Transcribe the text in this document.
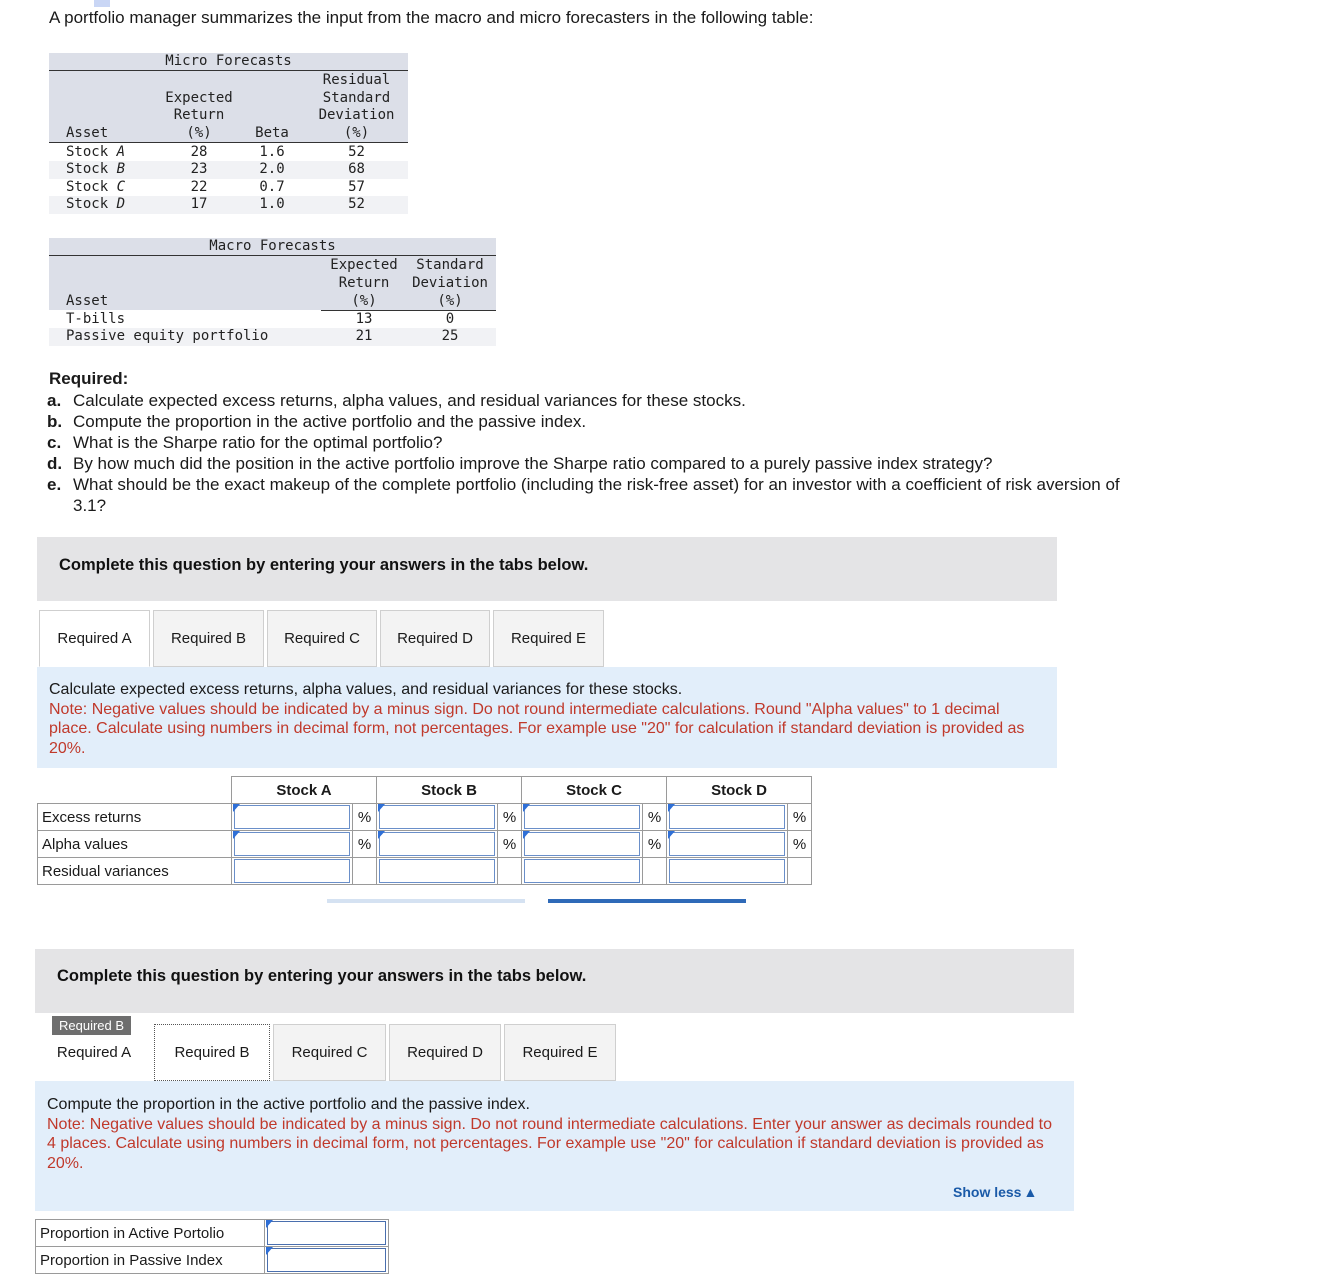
A portfolio manager summarizes the input from the macro and micro forecasters in the following table:
Micro Forecasts
Expected
Return
(%)	Beta
Residual
Standard
Deviation
(%)
Asset
Stock A	28	1.6	52
Stock B	23	2.0	68
Stock C	22	0.7	57
Stock D	17	1.0	52
Macro Forecasts
Expected
Return
(%)
Standard
Deviation
(%)
Asset
T-bills	13	0
Passive equity portfolio	21	25
Required:
a. Calculate expected excess returns, alpha values, and residual variances for these stocks.
b. Compute the proportion in the active portfolio and the passive index.
c. What is the Sharpe ratio for the optimal portfolio?
d. By how much did the position in the active portfolio improve the Sharpe ratio compared to a purely passive index strategy?
e. What should be the exact makeup of the complete portfolio (including the risk-free asset) for an investor with a coefficient of risk aversion of 3.1?
Complete this question by entering your answers in the tabs below.
Required A	Required B	Required C	Required D	Required E
Calculate expected excess returns, alpha values, and residual variances for these stocks.
Note: Negative values should be indicated by a minus sign. Do not round intermediate calculations. Round "Alpha values" to 1 decimal place. Calculate using numbers in decimal form, not percentages. For example use "20" for calculation if standard deviation is provided as 20%.
	Stock A		Stock B		Stock C		Stock D	
Excess returns		%		%		%		%
Alpha values		%		%		%		%
Residual variances	

Complete this question by entering your answers in the tabs below.
Required B
Required A	Required B	Required C	Required D	Required E
Compute the proportion in the active portfolio and the passive index.
Note: Negative values should be indicated by a minus sign. Do not round intermediate calculations. Enter your answer as decimals rounded to 4 places. Calculate using numbers in decimal form, not percentages. For example use "20" for calculation if standard deviation is provided as 20%.
Show less ▲
Proportion in Active Portolio	

Proportion in Passive Index	
